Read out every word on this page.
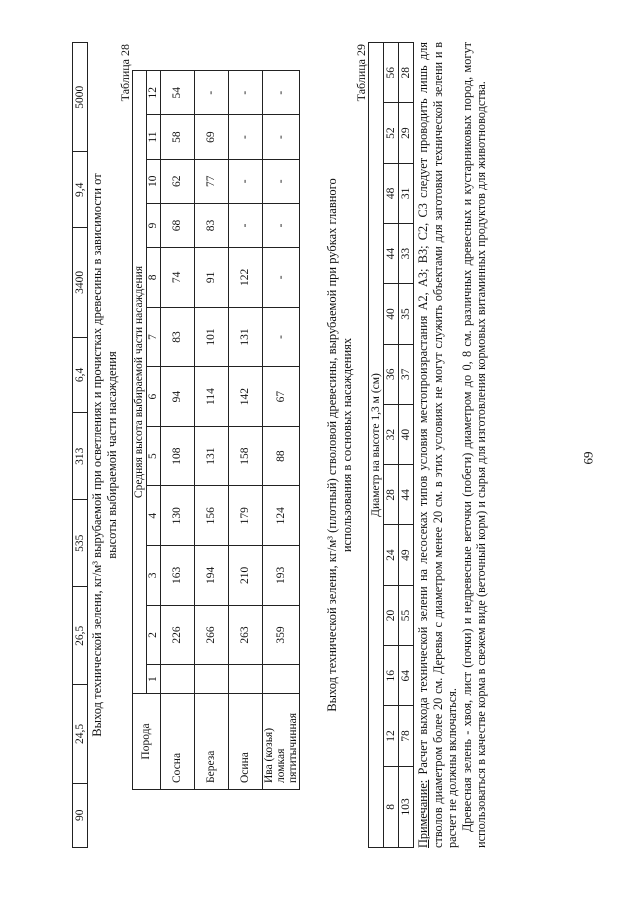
90	24,5	26,5	535	313	6,4	3400	9,4	5000
Выход технической зелени, кг/м³ вырубаемой при осветлениях и прочистках древесины в зависимости от высоты выбираемой части насаждения
Таблица 28
Порода	Средняя высота выбираемой части насаждения											
	1	2	3	4	5	6	7	8	9	10	11	12
Сосна		226	163	130	108	94	83	74	68	62	58	54
Береза		266	194	156	131	114	101	91	83	77	69	-
Осина		263	210	179	158	142	131	122	-	-	-	-
Ива (козья) ломкая пятитычинная		359	193	124	88	67	-	-	-	-	-	-
Выход технической зелени, кг/м³ (плотный) стволовой древесины, вырубаемой при рубках главного использования в сосновых насаждениях
Таблица 29
Диаметр на высоте 1,3 м (см)												
8	12	16	20	24	28	32	36	40	44	48	52	56
103	78	64	55	49	44	40	37	35	33	31	29	28

Примечание: Расчет выхода технической зелени на лесосеках типов условия местопроизрастания А2, А3; В3; С2, С3 следует проводить лишь для стволов диаметром более 20 см. Деревья с диаметром менее 20 см. в этих условиях не могут служить объектами для заготовки технической зелени и в расчет не должны включаться. Древесная зелень - хвоя, лист (почки) и недревесные веточки (побеги) диаметром до 0, 8 см. различных древесных и кустарниковых пород, могут использоваться в качестве корма в свежем виде (веточный корм) и сырья для изготовления кормовых витаминных продуктов для животноводства.	69
